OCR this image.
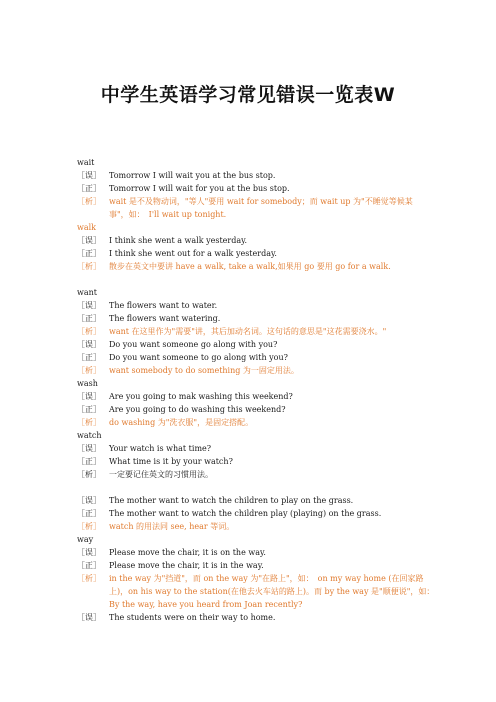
中学生英语学习常见错误一览表W
wait
［误］	Tomorrow I will wait you at the bus stop.
［正］	Tomorrow I will wait for you at the bus stop.
［析］	wait 是不及物动词，"等人"要用 wait for somebody；而 wait up 为"不睡觉等候某事"，如：　I'll wait up tonight.
walk
［误］	I think she went a walk yesterday.
［正］	I think she went out for a walk yesterday.
［析］	散步在英文中要讲 have a walk, take a walk,如果用 go 要用 go for a walk.
want
［误］	The flowers want to water.
［正］	The flowers want watering.
［析］	want 在这里作为"需要"讲，其后加动名词。这句话的意思是"这花需要浇水。"
［误］	Do you want someone go along with you?
［正］	Do you want someone to go along with you?
［析］	want somebody to do something 为一固定用法。
wash
［误］	Are you going to mak washing this weekend?
［正］	Are you going to do washing this weekend?
［析］	do washing 为"洗衣服"，是固定搭配。
watch
［误］	Your watch is what time?
［正］	What time is it by your watch?
［析］	一定要记住英文的习惯用法。
［误］	The mother want to watch the children to play on the grass.
［正］	The mother want to watch the children play (playing) on the grass.
［析］	watch 的用法同 see, hear 等词。
way
［误］	Please move the chair, it is on the way.
［正］	Please move the chair, it is in the way.
［析］	in the way 为"挡道"，而 on the way 为"在路上"，如：　on my way home (在回家路上)，on his way to the station(在他去火车站的路上)。而 by the way 是"顺便说"，如：　By the way, have you heard from Joan recently?
［误］	The students were on their way to home.
